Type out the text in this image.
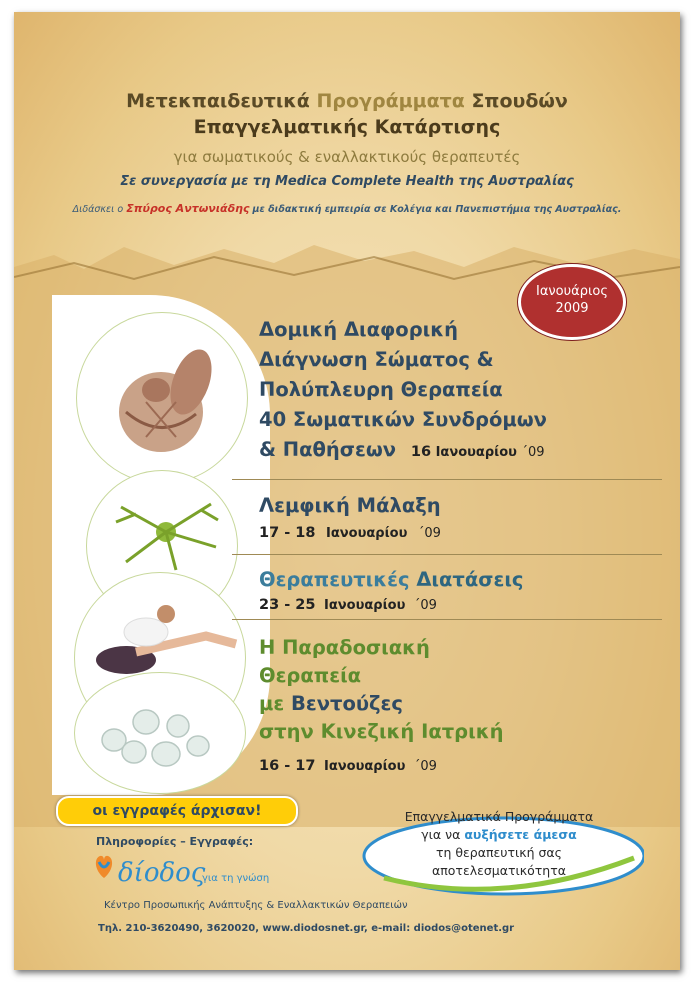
Μετεκπαιδευτικά Προγράμματα Σπουδών
Επαγγελματικής Κατάρτισης
για σωματικούς & εναλλακτικούς θεραπευτές
Σε συνεργασία με τη Medica Complete Health της Αυστραλίας
Διδάσκει ο Σπύρος Αντωνιάδης με διδακτική εμπειρία σε Κολέγια και Πανεπιστήμια της Αυστραλίας.
Ιανουάριος
2009
Δομική Διαφορική
Διάγνωση Σώματος &
Πολύπλευρη Θεραπεία
40 Σωματικών Συνδρόμων
& Παθήσεων 16 Ιανουαρίου ΄09
Λεμφική Μάλαξη
17 - 18 Ιανουαρίου ΄09
Θεραπευτικές Διατάσεις
23 - 25 Ιανουαρίου ΄09
Η Παραδοσιακή
Θεραπεία
με Βεντούζες
στην Κινεζική Ιατρική
16 - 17 Ιανουαρίου ΄09
οι εγγραφές άρχισαν!
Πληροφορίες – Εγγραφές:
δίοδος
για τη γνώση
Κέντρο Προσωπικής Ανάπτυξης & Εναλλακτικών Θεραπειών
Τηλ. 210-3620490, 3620020, www.diodosnet.gr, e-mail: diodos@otenet.gr
Επαγγελματικά Προγράμματα
για να αυξήσετε άμεσα
τη θεραπευτική σας
αποτελεσματικότητα
